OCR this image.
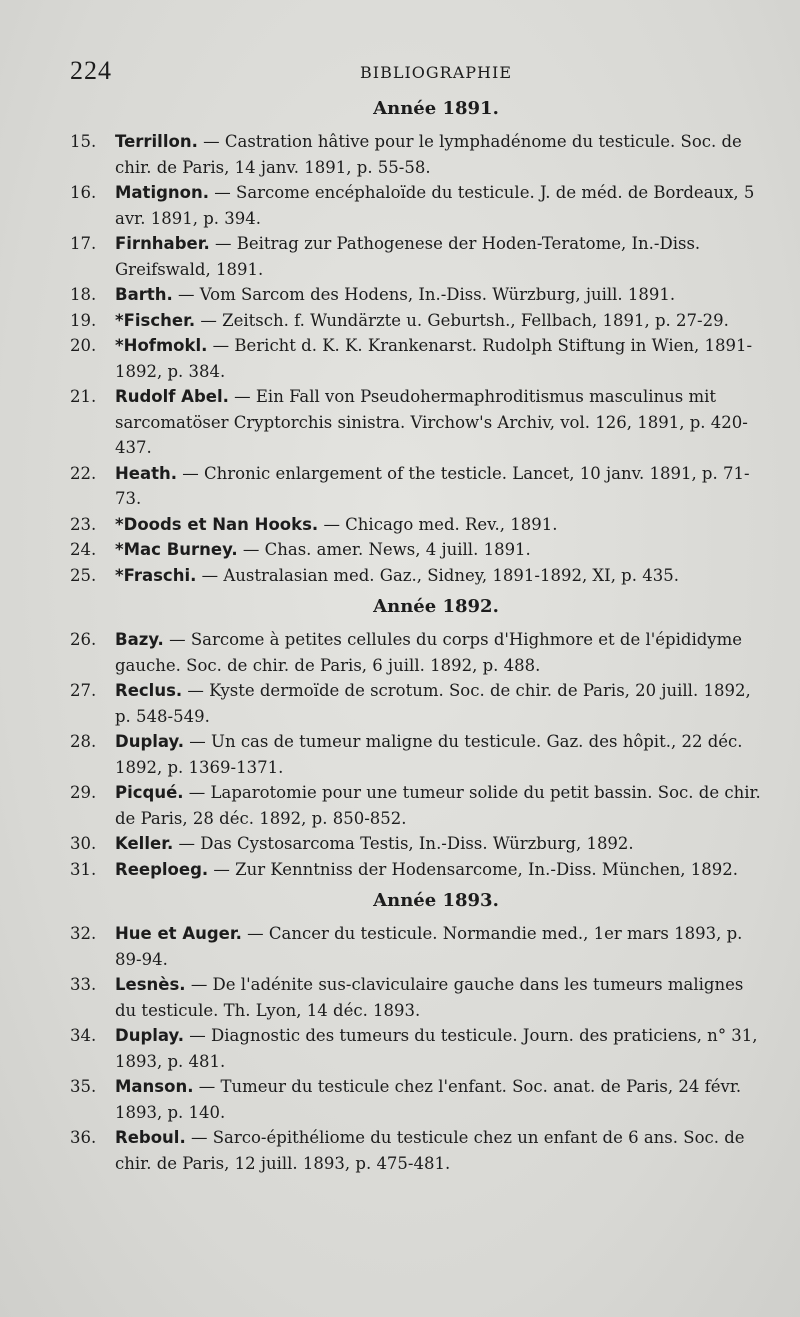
224	BIBLIOGRAPHIE
Année 1891.
15.	Terrillon. — Castration hâtive pour le lymphadénome du testicule. Soc. de chir. de Paris, 14 janv. 1891, p. 55-58.
16.	Matignon. — Sarcome encéphaloïde du testicule. J. de méd. de Bordeaux, 5 avr. 1891, p. 394.
17.	Firnhaber. — Beitrag zur Pathogenese der Hoden-Teratome, In.-Diss. Greifswald, 1891.
18.	Barth. — Vom Sarcom des Hodens, In.-Diss. Würzburg, juill. 1891.
19.	*Fischer. — Zeitsch. f. Wundärzte u. Geburtsh., Fellbach, 1891, p. 27-29.
20.	*Hofmokl. — Bericht d. K. K. Krankenarst. Rudolph Stiftung in Wien, 1891-1892, p. 384.
21.	Rudolf Abel. — Ein Fall von Pseudohermaphroditismus masculinus mit sarcomatöser Cryptorchis sinistra. Virchow's Archiv, vol. 126, 1891, p. 420-437.
22.	Heath. — Chronic enlargement of the testicle. Lancet, 10 janv. 1891, p. 71-73.
23.	*Doods et Nan Hooks. — Chicago med. Rev., 1891.
24.	*Mac Burney. — Chas. amer. News, 4 juill. 1891.
25.	*Fraschi. — Australasian med. Gaz., Sidney, 1891-1892, XI, p. 435.
Année 1892.
26.	Bazy. — Sarcome à petites cellules du corps d'Highmore et de l'épididyme gauche. Soc. de chir. de Paris, 6 juill. 1892, p. 488.
27.	Reclus. — Kyste dermoïde de scrotum. Soc. de chir. de Paris, 20 juill. 1892, p. 548-549.
28.	Duplay. — Un cas de tumeur maligne du testicule. Gaz. des hôpit., 22 déc. 1892, p. 1369-1371.
29.	Picqué. — Laparotomie pour une tumeur solide du petit bassin. Soc. de chir. de Paris, 28 déc. 1892, p. 850-852.
30.	Keller. — Das Cystosarcoma Testis, In.-Diss. Würzburg, 1892.
31.	Reeploeg. — Zur Kenntniss der Hodensarcome, In.-Diss. München, 1892.
Année 1893.
32.	Hue et Auger. — Cancer du testicule. Normandie med., 1er mars 1893, p. 89-94.
33.	Lesnès. — De l'adénite sus-claviculaire gauche dans les tumeurs malignes du testicule. Th. Lyon, 14 déc. 1893.
34.	Duplay. — Diagnostic des tumeurs du testicule. Journ. des praticiens, n° 31, 1893, p. 481.
35.	Manson. — Tumeur du testicule chez l'enfant. Soc. anat. de Paris, 24 févr. 1893, p. 140.
36.	Reboul. — Sarco-épithéliome du testicule chez un enfant de 6 ans. Soc. de chir. de Paris, 12 juill. 1893, p. 475-481.
